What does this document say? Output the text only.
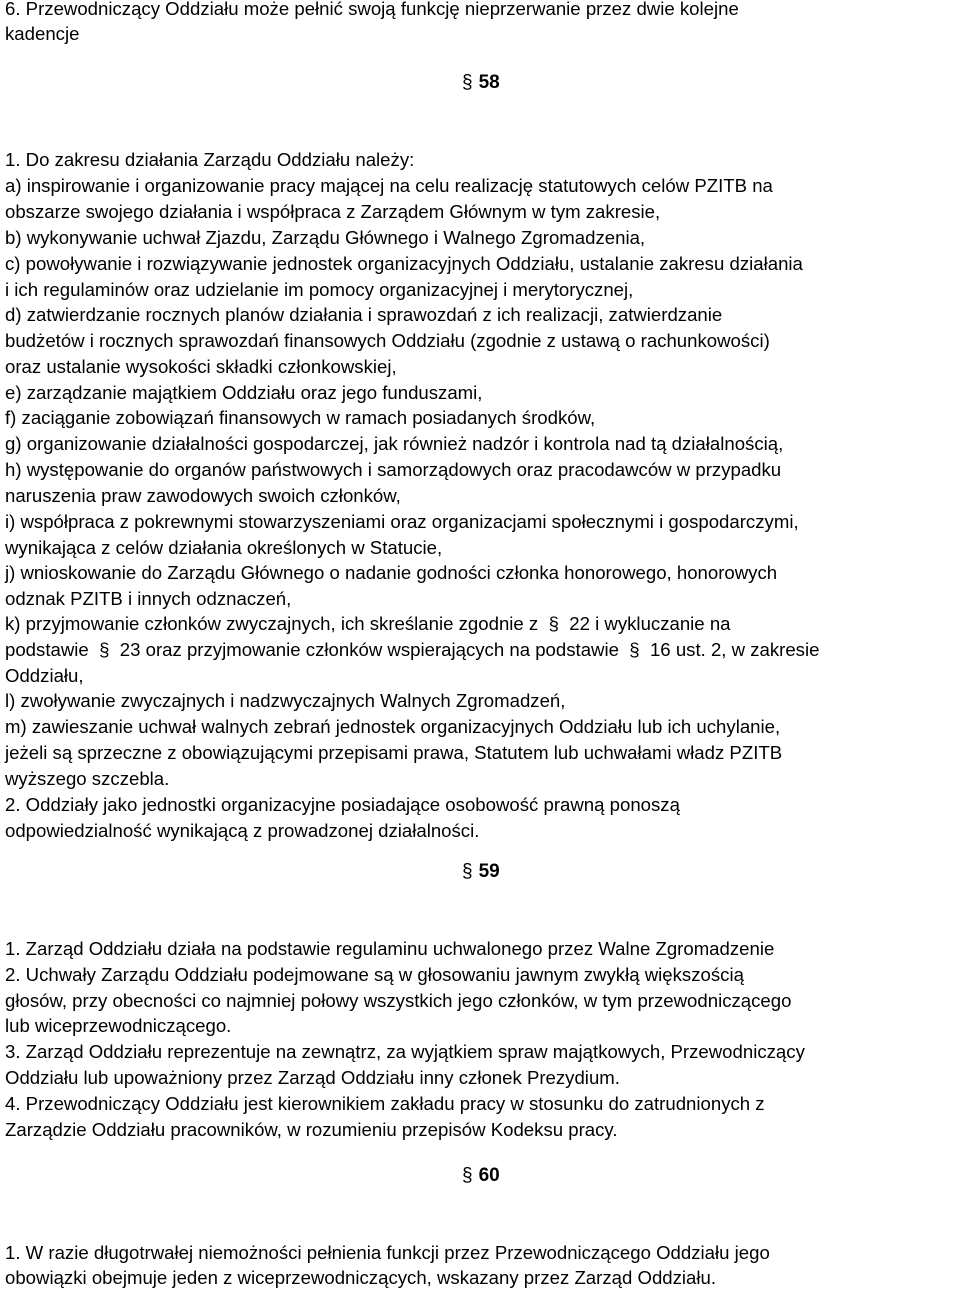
6. Przewodniczący Oddziału może pełnić swoją funkcję nieprzerwanie przez dwie kolejne
kadencje
§ 58
1. Do zakresu działania Zarządu Oddziału należy:
a) inspirowanie i organizowanie pracy mającej na celu realizację statutowych celów PZITB na
obszarze swojego działania i współpraca z Zarządem Głównym w tym zakresie,
b) wykonywanie uchwał Zjazdu, Zarządu Głównego i Walnego Zgromadzenia,
c) powoływanie i rozwiązywanie jednostek organizacyjnych Oddziału, ustalanie zakresu działania
i ich regulaminów oraz udzielanie im pomocy organizacyjnej i merytorycznej,
d) zatwierdzanie rocznych planów działania i sprawozdań z ich realizacji, zatwierdzanie
budżetów i rocznych sprawozdań finansowych Oddziału (zgodnie z ustawą o rachunkowości)
oraz ustalanie wysokości składki członkowskiej,
e) zarządzanie majątkiem Oddziału oraz jego funduszami,
f) zaciąganie zobowiązań finansowych w ramach posiadanych środków,
g) organizowanie działalności gospodarczej, jak również nadzór i kontrola nad tą działalnością,
h) występowanie do organów państwowych i samorządowych oraz pracodawców w przypadku
naruszenia praw zawodowych swoich członków,
i) współpraca z pokrewnymi stowarzyszeniami oraz organizacjami społecznymi i gospodarczymi,
wynikająca z celów działania określonych w Statucie,
j) wnioskowanie do Zarządu Głównego o nadanie godności członka honorowego, honorowych
odznak PZITB i innych odznaczeń,
k) przyjmowanie członków zwyczajnych, ich skreślanie zgodnie z  §  22 i wykluczanie na
podstawie  §  23 oraz przyjmowanie członków wspierających na podstawie  §  16 ust. 2, w zakresie
Oddziału,
l) zwoływanie zwyczajnych i nadzwyczajnych Walnych Zgromadzeń,
m) zawieszanie uchwał walnych zebrań jednostek organizacyjnych Oddziału lub ich uchylanie,
jeżeli są sprzeczne z obowiązującymi przepisami prawa, Statutem lub uchwałami władz PZITB
wyższego szczebla.
2. Oddziały jako jednostki organizacyjne posiadające osobowość prawną ponoszą
odpowiedzialność wynikającą z prowadzonej działalności.
§ 59
1. Zarząd Oddziału działa na podstawie regulaminu uchwalonego przez Walne Zgromadzenie
2. Uchwały Zarządu Oddziału podejmowane są w głosowaniu jawnym zwykłą większością
głosów, przy obecności co najmniej połowy wszystkich jego członków, w tym przewodniczącego
lub wiceprzewodniczącego.
3. Zarząd Oddziału reprezentuje na zewnątrz, za wyjątkiem spraw majątkowych, Przewodniczący
Oddziału lub upoważniony przez Zarząd Oddziału inny członek Prezydium.
4. Przewodniczący Oddziału jest kierownikiem zakładu pracy w stosunku do zatrudnionych z
Zarządzie Oddziału pracowników, w rozumieniu przepisów Kodeksu pracy.
§ 60
1. W razie długotrwałej niemożności pełnienia funkcji przez Przewodniczącego Oddziału jego
obowiązki obejmuje jeden z wiceprzewodniczących, wskazany przez Zarząd Oddziału.
